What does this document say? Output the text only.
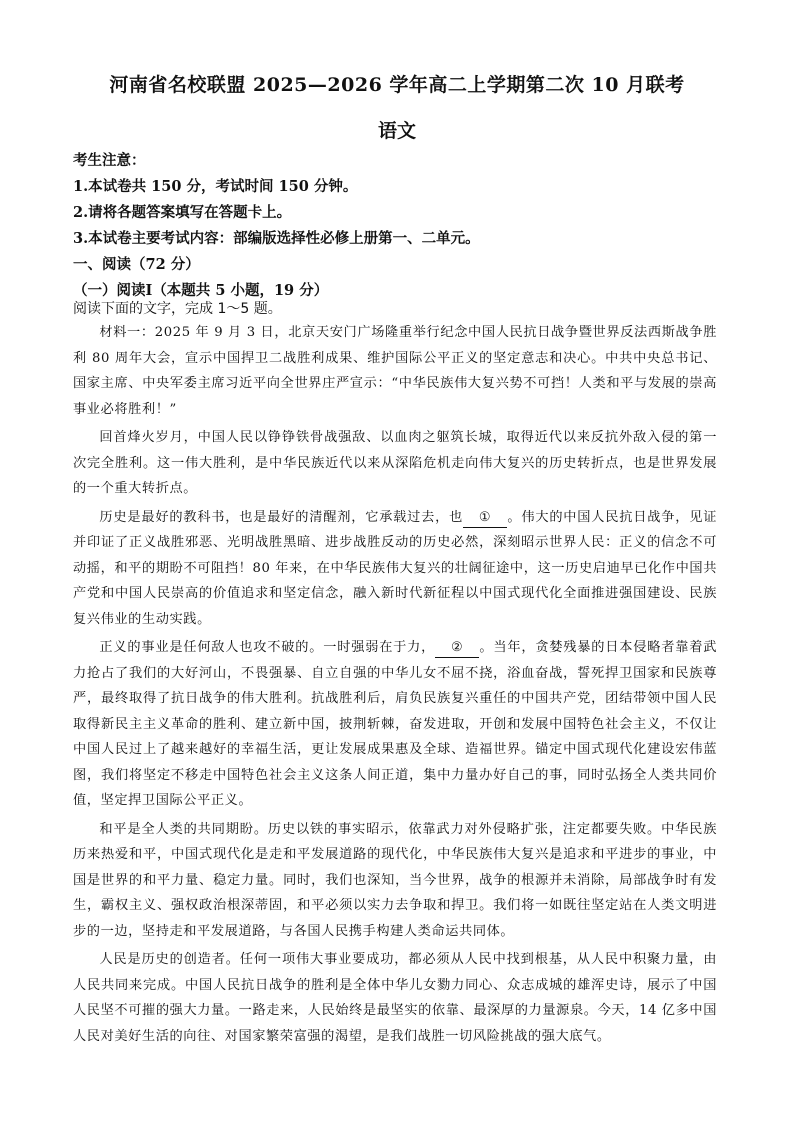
河南省名校联盟 2025—2026 学年高二上学期第二次 10 月联考
语文
考生注意：
1.本试卷共 150 分，考试时间 150 分钟。
2.请将各题答案填写在答题卡上。
3.本试卷主要考试内容：部编版选择性必修上册第一、二单元。
一、阅读（72 分）
（一）阅读Ⅰ（本题共 5 小题，19 分）
阅读下面的文字，完成 1～5 题。

材料一：2025 年 9 月 3 日，北京天安门广场隆重举行纪念中国人民抗日战争暨世界反法西斯战争胜利 80 周年大会，宣示中国捍卫二战胜利成果、维护国际公平正义的坚定意志和决心。中共中央总书记、国家主席、中央军委主席习近平向全世界庄严宣示：“中华民族伟大复兴势不可挡！人类和平与发展的崇高事业必将胜利！”

回首烽火岁月，中国人民以铮铮铁骨战强敌、以血肉之躯筑长城，取得近代以来反抗外敌入侵的第一次完全胜利。这一伟大胜利，是中华民族近代以来从深陷危机走向伟大复兴的历史转折点，也是世界发展的一个重大转折点。

历史是最好的教科书，也是最好的清醒剂，它承载过去，也 ① 。伟大的中国人民抗日战争，见证并印证了正义战胜邪恶、光明战胜黑暗、进步战胜反动的历史必然，深刻昭示世界人民：正义的信念不可动摇，和平的期盼不可阻挡！80 年来，在中华民族伟大复兴的壮阔征途中，这一历史启迪早已化作中国共产党和中国人民崇高的价值追求和坚定信念，融入新时代新征程以中国式现代化全面推进强国建设、民族复兴伟业的生动实践。

正义的事业是任何敌人也攻不破的。一时强弱在于力， ② 。当年，贪婪残暴的日本侵略者靠着武力抢占了我们的大好河山，不畏强暴、自立自强的中华儿女不屈不挠，浴血奋战，誓死捍卫国家和民族尊严，最终取得了抗日战争的伟大胜利。抗战胜利后，肩负民族复兴重任的中国共产党，团结带领中国人民取得新民主主义革命的胜利、建立新中国，披荆斩棘，奋发进取，开创和发展中国特色社会主义，不仅让中国人民过上了越来越好的幸福生活，更让发展成果惠及全球、造福世界。锚定中国式现代化建设宏伟蓝图，我们将坚定不移走中国特色社会主义这条人间正道，集中力量办好自己的事，同时弘扬全人类共同价值，坚定捍卫国际公平正义。

和平是全人类的共同期盼。历史以铁的事实昭示，依靠武力对外侵略扩张，注定都要失败。中华民族历来热爱和平，中国式现代化是走和平发展道路的现代化，中华民族伟大复兴是追求和平进步的事业，中国是世界的和平力量、稳定力量。同时，我们也深知，当今世界，战争的根源并未消除，局部战争时有发生，霸权主义、强权政治根深蒂固，和平必须以实力去争取和捍卫。我们将一如既往坚定站在人类文明进步的一边，坚持走和平发展道路，与各国人民携手构建人类命运共同体。

人民是历史的创造者。任何一项伟大事业要成功，都必须从人民中找到根基，从人民中积聚力量，由人民共同来完成。中国人民抗日战争的胜利是全体中华儿女勠力同心、众志成城的雄浑史诗，展示了中国人民坚不可摧的强大力量。一路走来，人民始终是最坚实的依靠、最深厚的力量源泉。今天，14 亿多中国人民对美好生活的向往、对国家繁荣富强的渴望，是我们战胜一切风险挑战的强大底气。
